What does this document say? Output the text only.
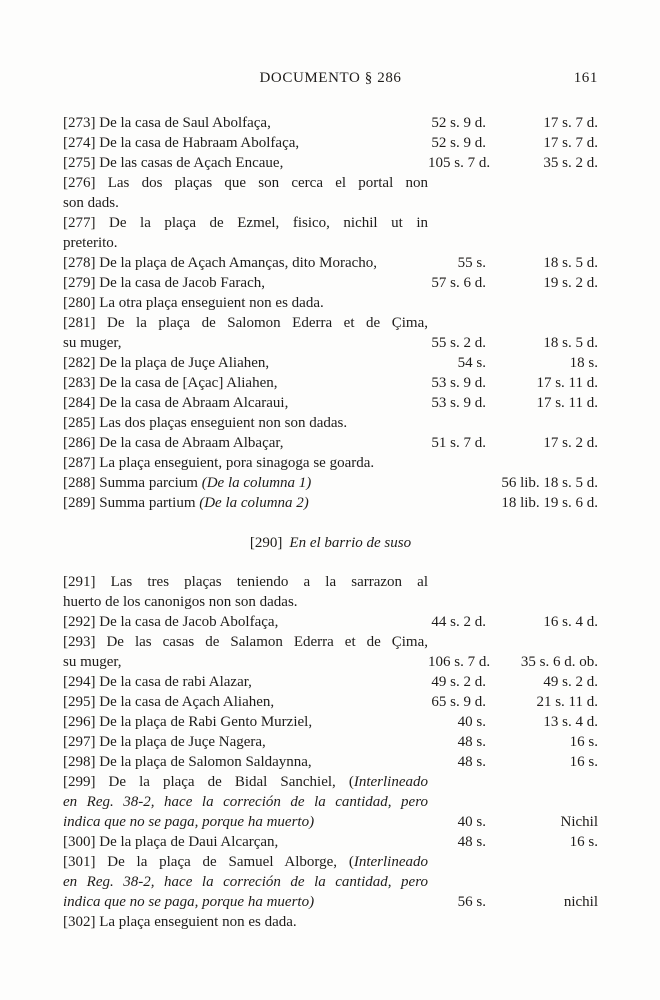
DOCUMENTO § 286	161
[273] De la casa de Saul Abolfaça,	52 s. 9 d.	17 s. 7 d.
[274] De la casa de Habraam Abolfaça,	52 s. 9 d.	17 s. 7 d.
[275] De las casas de Açach Encaue,	105 s. 7 d.	35 s. 2 d.
[276] Las dos plaças que son cerca el portal non
son dads.
[277] De la plaça de Ezmel, fisico, nichil ut in
preterito.
[278] De la plaça de Açach Amanças, dito Moracho,	55 s.	18 s. 5 d.
[279] De la casa de Jacob Farach,	57 s. 6 d.	19 s. 2 d.
[280] La otra plaça enseguient non es dada.
[281] De la plaça de Salomon Ederra et de Çima,
su muger,	55 s. 2 d.	18 s. 5 d.
[282] De la plaça de Juçe Aliahen,	54 s.	18 s.
[283] De la casa de [Açac] Aliahen,	53 s. 9 d.	17 s. 11 d.
[284] De la casa de Abraam Alcaraui,	53 s. 9 d.	17 s. 11 d.
[285] Las dos plaças enseguient non son dadas.
[286] De la casa de Abraam Albaçar,	51 s. 7 d.	17 s. 2 d.
[287] La plaça enseguient, pora sinagoga se goarda.
[288] Summa parcium (De la columna 1)	56 lib. 18 s. 5 d.
[289] Summa partium (De la columna 2)	18 lib. 19 s. 6 d.
[290] En el barrio de suso
[291] Las tres plaças teniendo a la sarrazon al
huerto de los canonigos non son dadas.
[292] De la casa de Jacob Abolfaça,	44 s. 2 d.	16 s. 4 d.
[293] De las casas de Salamon Ederra et de Çima,
su muger,	106 s. 7 d.	35 s. 6 d. ob.
[294] De la casa de rabi Alazar,	49 s. 2 d.	49 s. 2 d.
[295] De la casa de Açach Aliahen,	65 s. 9 d.	21 s. 11 d.
[296] De la plaça de Rabi Gento Murziel,	40 s.	13 s. 4 d.
[297] De la plaça de Juçe Nagera,	48 s.	16 s.
[298] De la plaça de Salomon Saldaynna,	48 s.	16 s.
[299] De la plaça de Bidal Sanchiel, (Interlineado
en Reg. 38-2, hace la correción de la cantidad, pero
indica que no se paga, porque ha muerto)	40 s.	Nichil
[300] De la plaça de Daui Alcarçan,	48 s.	16 s.
[301] De la plaça de Samuel Alborge, (Interlineado
en Reg. 38-2, hace la correción de la cantidad, pero
indica que no se paga, porque ha muerto)	56 s.	nichil
[302] La plaça enseguient non es dada.
